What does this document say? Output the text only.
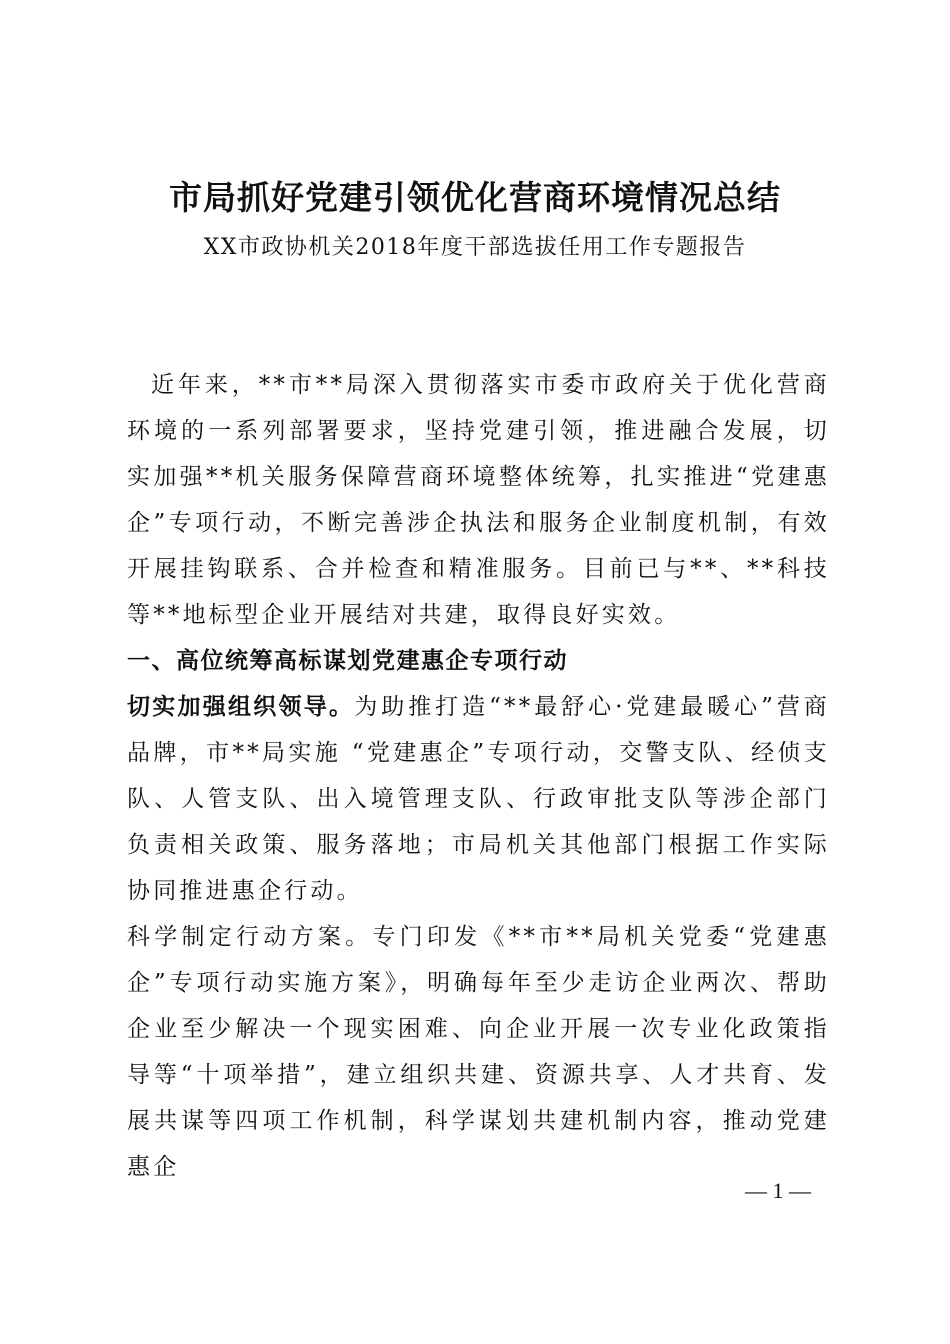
市局抓好党建引领优化营商环境情况总结
XX市政协机关2018年度干部选拔任用工作专题报告

近年来，**市**局深入贯彻落实市委市政府关于优化营商环境的一系列部署要求，坚持党建引领，推进融合发展，切实加强**机关服务保障营商环境整体统筹，扎实推进“党建惠企”专项行动，不断完善涉企执法和服务企业制度机制，有效开展挂钩联系、合并检查和精准服务。目前已与**、**科技等**地标型企业开展结对共建，取得良好实效。

一、高位统筹高标谋划党建惠企专项行动

切实加强组织领导。为助推打造“**最舒心·党建最暖心”营商品牌，市**局实施 “党建惠企”专项行动，交警支队、经侦支队、人管支队、出入境管理支队、行政审批支队等涉企部门负责相关政策、服务落地；市局机关其他部门根据工作实际协同推进惠企行动。

科学制定行动方案。专门印发《**市**局机关党委“党建惠企”专项行动实施方案》，明确每年至少走访企业两次、帮助企业至少解决一个现实困难、向企业开展一次专业化政策指导等“十项举措”，建立组织共建、资源共享、人才共育、发展共谋等四项工作机制，科学谋划共建机制内容，推动党建惠企

— 1 —
